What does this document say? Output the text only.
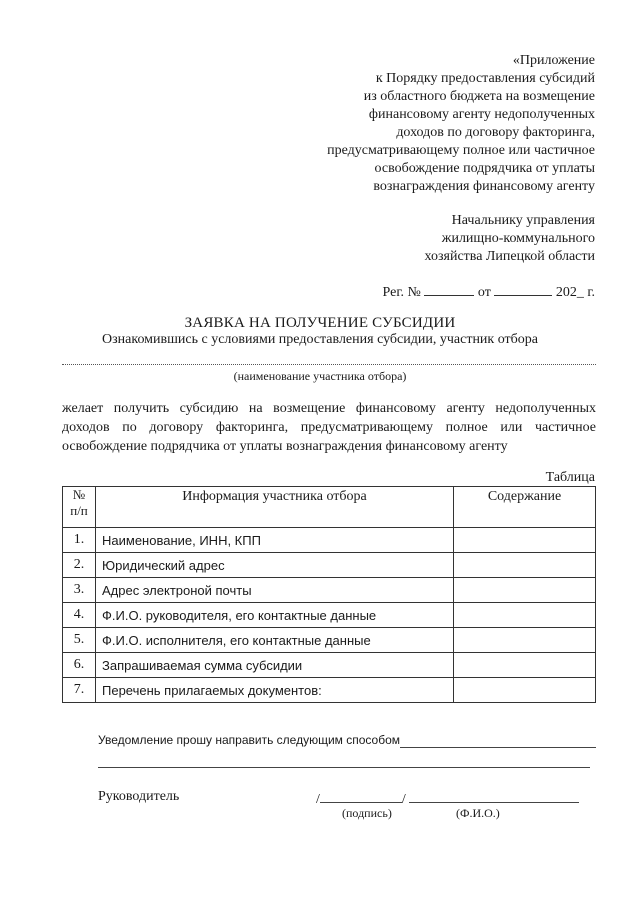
«Приложение
к Порядку предоставления субсидий
из областного бюджета на возмещение
финансовому агенту недополученных
доходов по договору факторинга,
предусматривающему полное или частичное
освобождение подрядчика от уплаты
вознаграждения финансовому агенту
Начальнику управления
жилищно-коммунального
хозяйства Липецкой области
Рег. №	от	202_ г.
ЗАЯВКА НА ПОЛУЧЕНИЕ СУБСИДИИ
Ознакомившись с условиями предоставления субсидии, участник отбора
(наименование участника отбора)
желает получить субсидию на возмещение финансовому агенту недополученных доходов по договору факторинга, предусматривающему полное или частичное освобождение подрядчика от уплаты вознаграждения финансовому агенту
Таблица
№
п/п	Информация участника отбора	Содержание
1.	Наименование, ИНН, КПП	
2.	Юридический адрес	
3.	Адрес электроной почты	
4.	Ф.И.О. руководителя, его контактные данные	
5.	Ф.И.О. исполнителя, его контактные данные	
6.	Запрашиваемая сумма субсидии	
7.	Перечень прилагаемых документов:	
Уведомление прошу направить следующим способом
Руководитель	/	/
(подпись)	(Ф.И.О.)
